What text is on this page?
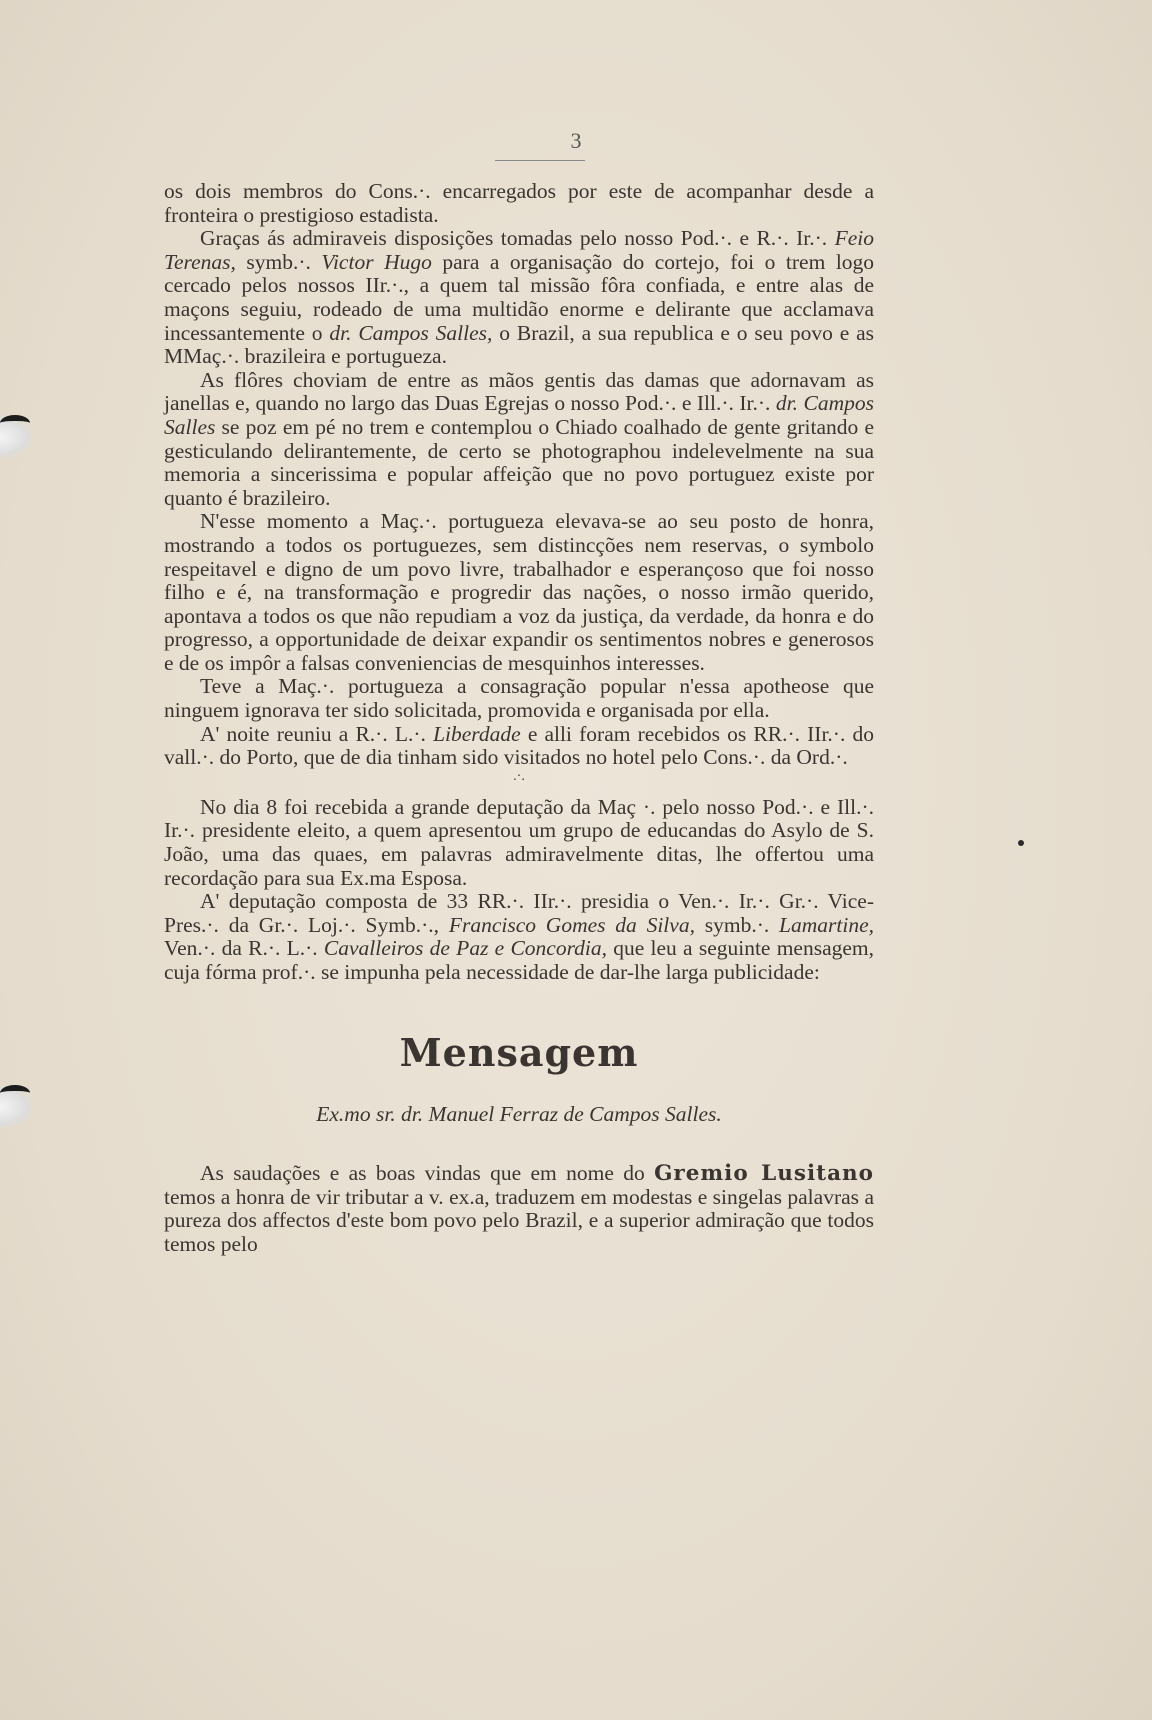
3

os dois membros do Cons.·. encarregados por este de acompanhar desde a fronteira o prestigioso estadista.

Graças ás admiraveis disposições tomadas pelo nosso Pod.·. e R.·. Ir.·. Feio Terenas, symb.·. Victor Hugo para a organisação do cortejo, foi o trem logo cercado pelos nossos IIr.·., a quem tal missão fôra confiada, e entre alas de maçons seguiu, rodeado de uma multidão enorme e delirante que acclamava incessantemente o dr. Campos Salles, o Brazil, a sua republica e o seu povo e as MMaç.·. brazileira e portugueza.

As flôres choviam de entre as mãos gentis das damas que adornavam as janellas e, quando no largo das Duas Egrejas o nosso Pod.·. e Ill.·. Ir.·. dr. Campos Salles se poz em pé no trem e contemplou o Chiado coalhado de gente gritando e gesticulando delirantemente, de certo se photographou indelevelmente na sua memoria a sincerissima e popular affeição que no povo portuguez existe por quanto é brazileiro.

N'esse momento a Maç.·. portugueza elevava-se ao seu posto de honra, mostrando a todos os portuguezes, sem distincções nem reservas, o symbolo respeitavel e digno de um povo livre, trabalhador e esperançoso que foi nosso filho e é, na transformação e progredir das nações, o nosso irmão querido, apontava a todos os que não repudiam a voz da justiça, da verdade, da honra e do progresso, a opportunidade de deixar expandir os sentimentos nobres e generosos e de os impôr a falsas conveniencias de mesquinhos interesses.

Teve a Maç.·. portugueza a consagração popular n'essa apotheose que ninguem ignorava ter sido solicitada, promovida e organisada por ella.

A' noite reuniu a R.·. L.·. Liberdade e alli foram recebidos os RR.·. IIr.·. do vall.·. do Porto, que de dia tinham sido visitados no hotel pelo Cons.·. da Ord.·.

.·.

No dia 8 foi recebida a grande deputação da Maç ·. pelo nosso Pod.·. e Ill.·. Ir.·. presidente eleito, a quem apresentou um grupo de educandas do Asylo de S. João, uma das quaes, em palavras admiravelmente ditas, lhe offertou uma recordação para sua Ex.ma Esposa.

A' deputação composta de 33 RR.·. IIr.·. presidia o Ven.·. Ir.·. Gr.·. Vice-Pres.·. da Gr.·. Loj.·. Symb.·., Francisco Gomes da Silva, symb.·. Lamartine, Ven.·. da R.·. L.·. Cavalleiros de Paz e Concordia, que leu a seguinte mensagem, cuja fórma prof.·. se impunha pela necessidade de dar-lhe larga publicidade:

Mensagem
Ex.mo sr. dr. Manuel Ferraz de Campos Salles.

As saudações e as boas vindas que em nome do Gremio Lusitano temos a honra de vir tributar a v. ex.a, traduzem em modestas e singelas palavras a pureza dos affectos d'este bom povo pelo Brazil, e a superior admiração que todos temos pelo
